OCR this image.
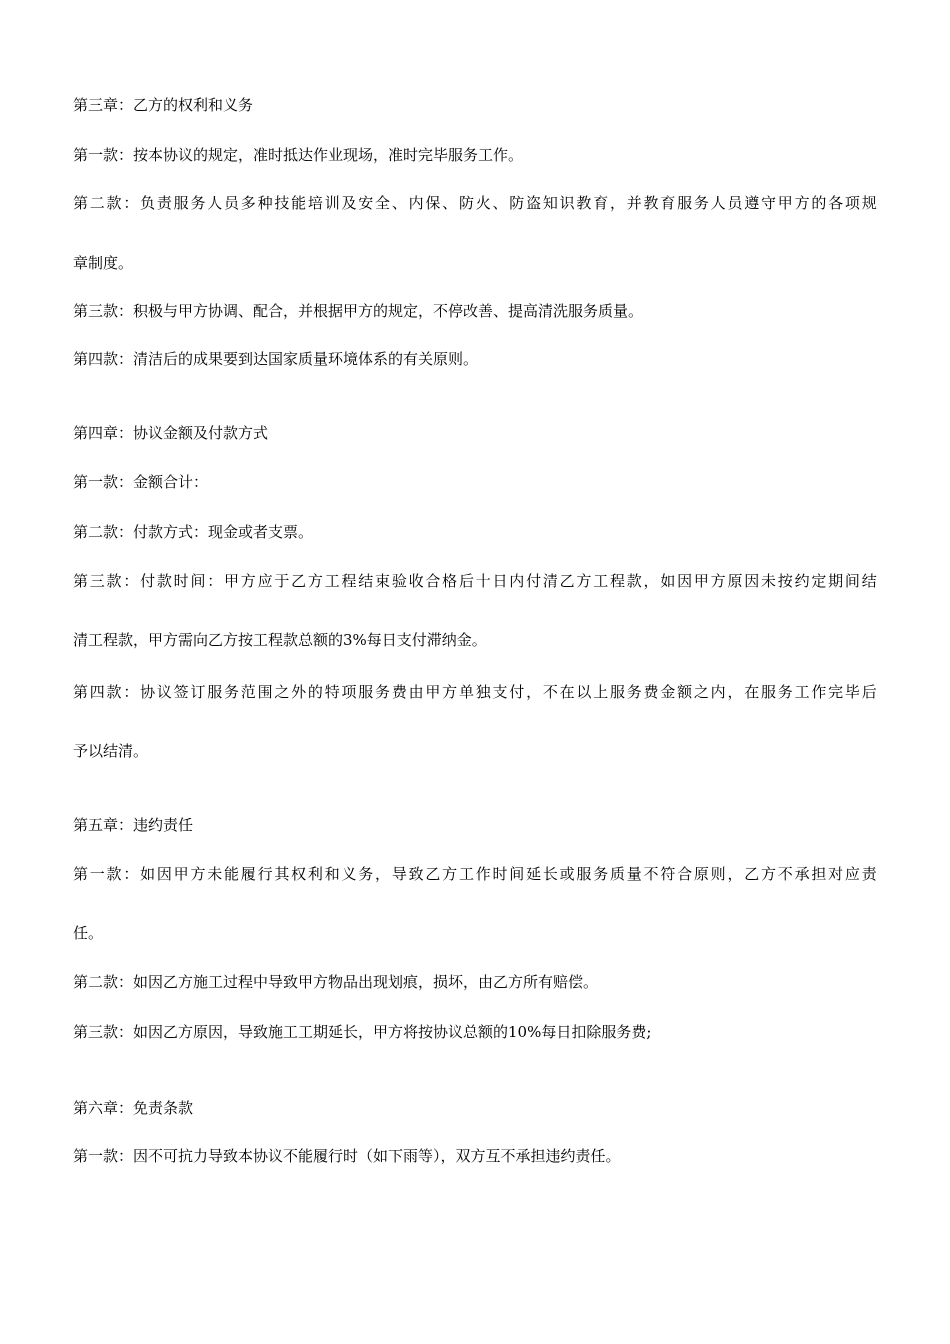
第三章：乙方的权利和义务
第一款：按本协议的规定，准时抵达作业现场，准时完毕服务工作。
第二款：负责服务人员多种技能培训及安全、内保、防火、防盗知识教育，并教育服务人员遵守甲方的各项规
章制度。
第三款：积极与甲方协调、配合，并根据甲方的规定，不停改善、提高清洗服务质量。
第四款：清洁后的成果要到达国家质量环境体系的有关原则。
第四章：协议金额及付款方式
第一款：金额合计：
第二款：付款方式：现金或者支票。
第三款：付款时间：甲方应于乙方工程结束验收合格后十日内付清乙方工程款，如因甲方原因未按约定期间结
清工程款，甲方需向乙方按工程款总额的3%每日支付滞纳金。
第四款：协议签订服务范围之外的特项服务费由甲方单独支付，不在以上服务费金额之内，在服务工作完毕后
予以结清。
第五章：违约责任
第一款：如因甲方未能履行其权利和义务，导致乙方工作时间延长或服务质量不符合原则，乙方不承担对应责
任。
第二款：如因乙方施工过程中导致甲方物品出现划痕，损坏，由乙方所有赔偿。
第三款：如因乙方原因，导致施工工期延长，甲方将按协议总额的10%每日扣除服务费;
第六章：免责条款
第一款：因不可抗力导致本协议不能履行时（如下雨等），双方互不承担违约责任。
